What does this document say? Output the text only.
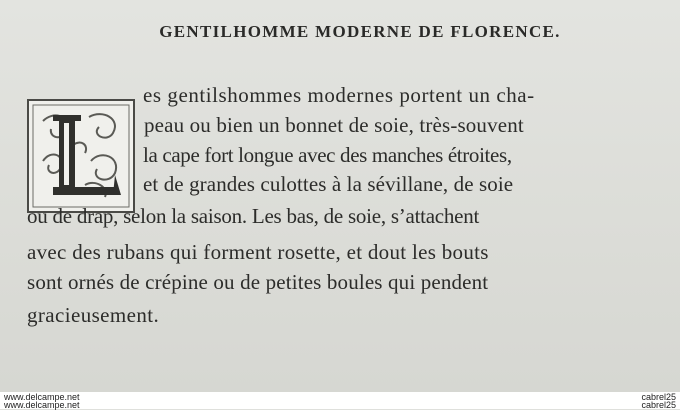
GENTILHOMME MODERNE DE FLORENCE.
es gentilshommes modernes portent un cha-
peau ou bien un bonnet de soie, très-souvent
la cape fort longue avec des manches étroites,
et de grandes culottes à la sévillane, de soie
ou de drap, selon la saison. Les bas, de soie, s’attachent
avec des rubans qui forment rosette, et dout les bouts
sont ornés de crépine ou de petites boules qui pendent
gracieusement.
www.delcampe.net
www.delcampe.net
cabrel25
cabrel25
